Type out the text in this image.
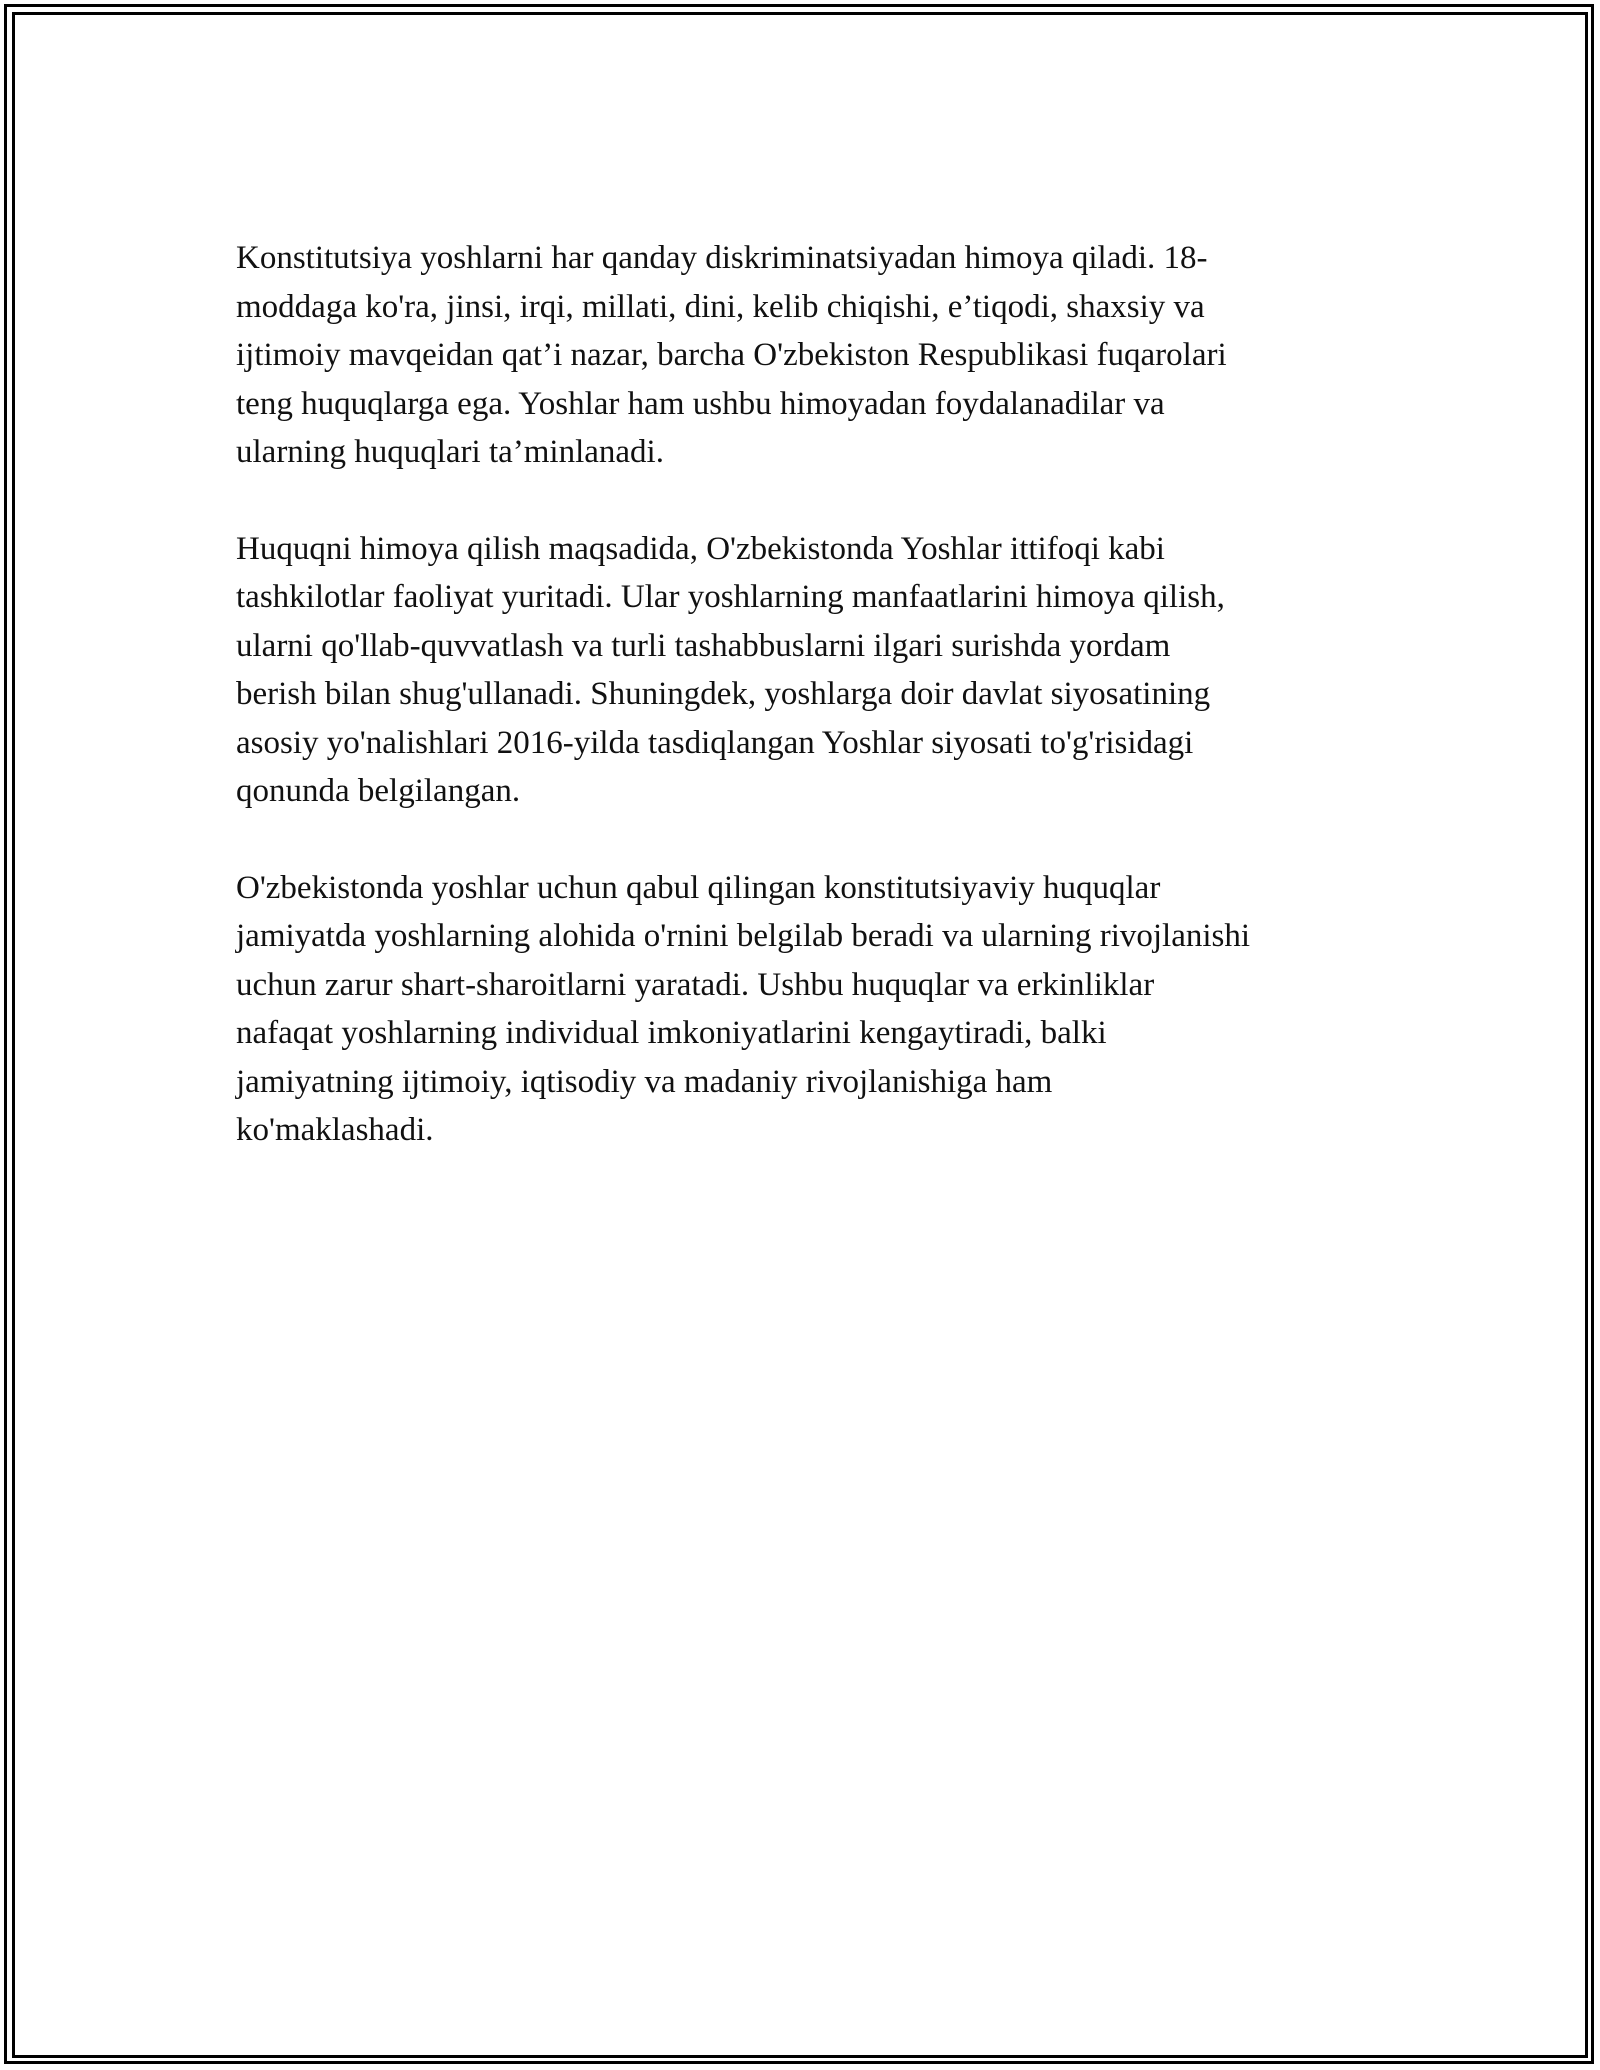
Konstitutsiya yoshlarni har qanday diskriminatsiyadan himoya qiladi. 18-
moddaga ko'ra, jinsi, irqi, millati, dini, kelib chiqishi, e’tiqodi, shaxsiy va
ijtimoiy mavqeidan qat’i nazar, barcha O'zbekiston Respublikasi fuqarolari
teng huquqlarga ega. Yoshlar ham ushbu himoyadan foydalanadilar va
ularning huquqlari ta’minlanadi.

Huquqni himoya qilish maqsadida, O'zbekistonda Yoshlar ittifoqi kabi
tashkilotlar faoliyat yuritadi. Ular yoshlarning manfaatlarini himoya qilish,
ularni qo'llab-quvvatlash va turli tashabbuslarni ilgari surishda yordam
berish bilan shug'ullanadi. Shuningdek, yoshlarga doir davlat siyosatining
asosiy yo'nalishlari 2016-yilda tasdiqlangan Yoshlar siyosati to'g'risidagi
qonunda belgilangan.

O'zbekistonda yoshlar uchun qabul qilingan konstitutsiyaviy huquqlar
jamiyatda yoshlarning alohida o'rnini belgilab beradi va ularning rivojlanishi
uchun zarur shart-sharoitlarni yaratadi. Ushbu huquqlar va erkinliklar
nafaqat yoshlarning individual imkoniyatlarini kengaytiradi, balki
jamiyatning ijtimoiy, iqtisodiy va madaniy rivojlanishiga ham
ko'maklashadi.
